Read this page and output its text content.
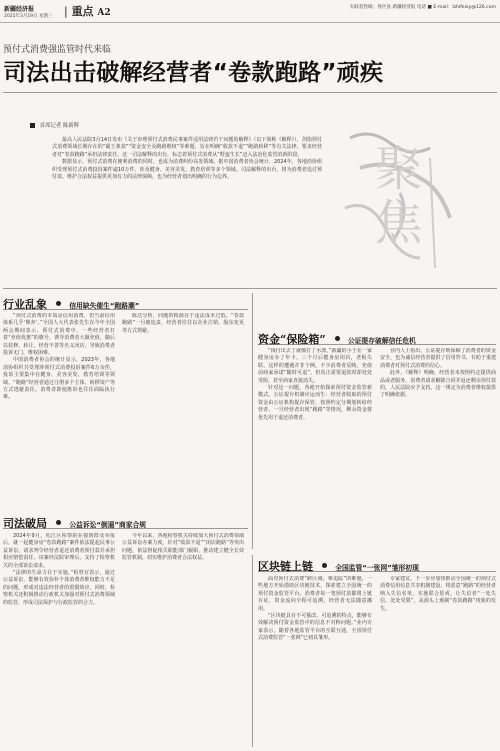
新疆经济报
2025年3月19日 星期三 | 重点 A2
失联者热线：各区县 新疆经济报 电话 ■ E-mail：lzhifeixy@126.com
预付式消费强监管时代来临
司法出击破解经营者“卷款跑路”顽疾
首席记者 陈新辉

最高人民法院3月14日发布《关于审理预付式消费民事案件适用法律若干问题的解释》（以下简称《解释》），剑指预付式消费领域长期存在的“霸王条款”“资金安全及跑路维权”等难题，旨在明确“收款不退”“跑路转移”等有关法律、要求经营者对“卷款跑路”承担法律责任，这一司法解释的出台，标志着预付式消费从“野蛮生长”迈入法治化监管的新阶段。

数据显示，预付式消费在便利消费的同时，也成为消费纠纷高发领域。据中国消费者协会统计，2024年，各地消协组织受理预付式消费投诉案件逾10万件，涉及健身、美容美发、教育培训等多个领域。司法解释的出台，将为消费者追讨预付款、维护合法权益提供更加有力的法律保障，也为经营者划出明确的行为边界。	聚焦
行业乱象	信用缺失催生“跑路潮”

“预付式消费的本质是信用消费，但当前信用体系几乎‘裸奔’。”全国人大代表张先生在今年全国两会期间表示。预付式消费中，一些经营者打着“充值优惠”的旗号，诱导消费者大额充值，随后以装修、转让、经营不善等名义闭店，导致消费者投诉无门、维权困难。

中国消费者协会的统计显示，2023年，各地消协组织共受理涉预付式消费投诉案件6万余件，投诉主要集中在健身、美容美发、教育培训等领域。“跑路”经营者通过注册多个主体、转移资产等方式逃避责任，消费者即使胜诉也往往面临执行难。

陈达分析，问题的根源在于违法成本过低。“卷款跑路”一旦被追责，经营者往往以企业注销、股东变更等方式规避。

资金“保险箱”	公证提存破解信任危机

“钱付出去了就像打了水漂。”新疆的小王在一家健身房办了年卡，三个月后健身房闭店，老板失联。这样的遭遇并非个例。不少消费者反映，充值前商家承诺“随时可退”，但真正需要退款时却处处受阻，甚至商家直接消失。

针对这一问题，各地开始探索预付资金监管新模式。公证提存机制应运而生：经营者收取的预付资金由公证机构提存保管，按照约定分期划转给经营者，一旦经营者出现“跑路”等情况，剩余资金将优先用于退还消费者。

业内人士指出，公证提存既保障了消费者的资金安全，也为诚信经营者提供了信用背书，有助于重建消费者对预付式消费的信心。

此外，《解释》明确，经营者未按照约定提供商品或者服务，消费者请求解除合同并返还剩余预付款的，人民法院应予支持。这一规定为消费者维权提供了明确依据。

司法破局	公益诉讼“倒逼”商家合规

2024年9月，松江区检察院在接到群众举报后，就一起健身房“卷款跑路”案件依法提起民事公益诉讼，请求判令经营者退还消费者预付款并承担相应赔偿责任。该案经法院审理后，支持了检察机关的全部诉讼请求。

“法律的生命力在于实施。”检察官表示，通过公益诉讼，能够有效弥补个体消费者维权能力不足的问题，形成对违法经营者的震慑效应。同时，检察机关还积极推动行政机关加强对预付式消费领域的监管，形成司法保护与行政监管的合力。

今年以来，各地检察机关持续加大预付式消费领域公益诉讼办案力度，针对“收款不退”“闭店跑路”等突出问题，依法督促相关职能部门履职，推动建立健全长效监管机制，切实维护消费者合法权益。

区块链上链	全国监管“一张网”雏形初现

面对预付式消费“跨区域、难追踪”的难题，一些地方开始借助区块链技术，探索建立全国统一的预付资金监管平台。消费者每一笔预付款都将上链存证，资金流向全程可追溯，经营者无法随意挪用。

“区块链具有不可篡改、可追溯的特点，能够有效解决预付资金监管中的信息不对称问题。”业内专家表示，随着各地监管平台的互联互通，全国预付式消费监管“一张网”已初具雏形。

专家建议，下一步应加快推动全国统一的预付式消费信用信息共享机制建设，将恶意“跑路”的经营者纳入失信名单，实施联合惩戒，让失信者“一处失信、处处受限”，从源头上遏制“卷款跑路”现象的发生。
